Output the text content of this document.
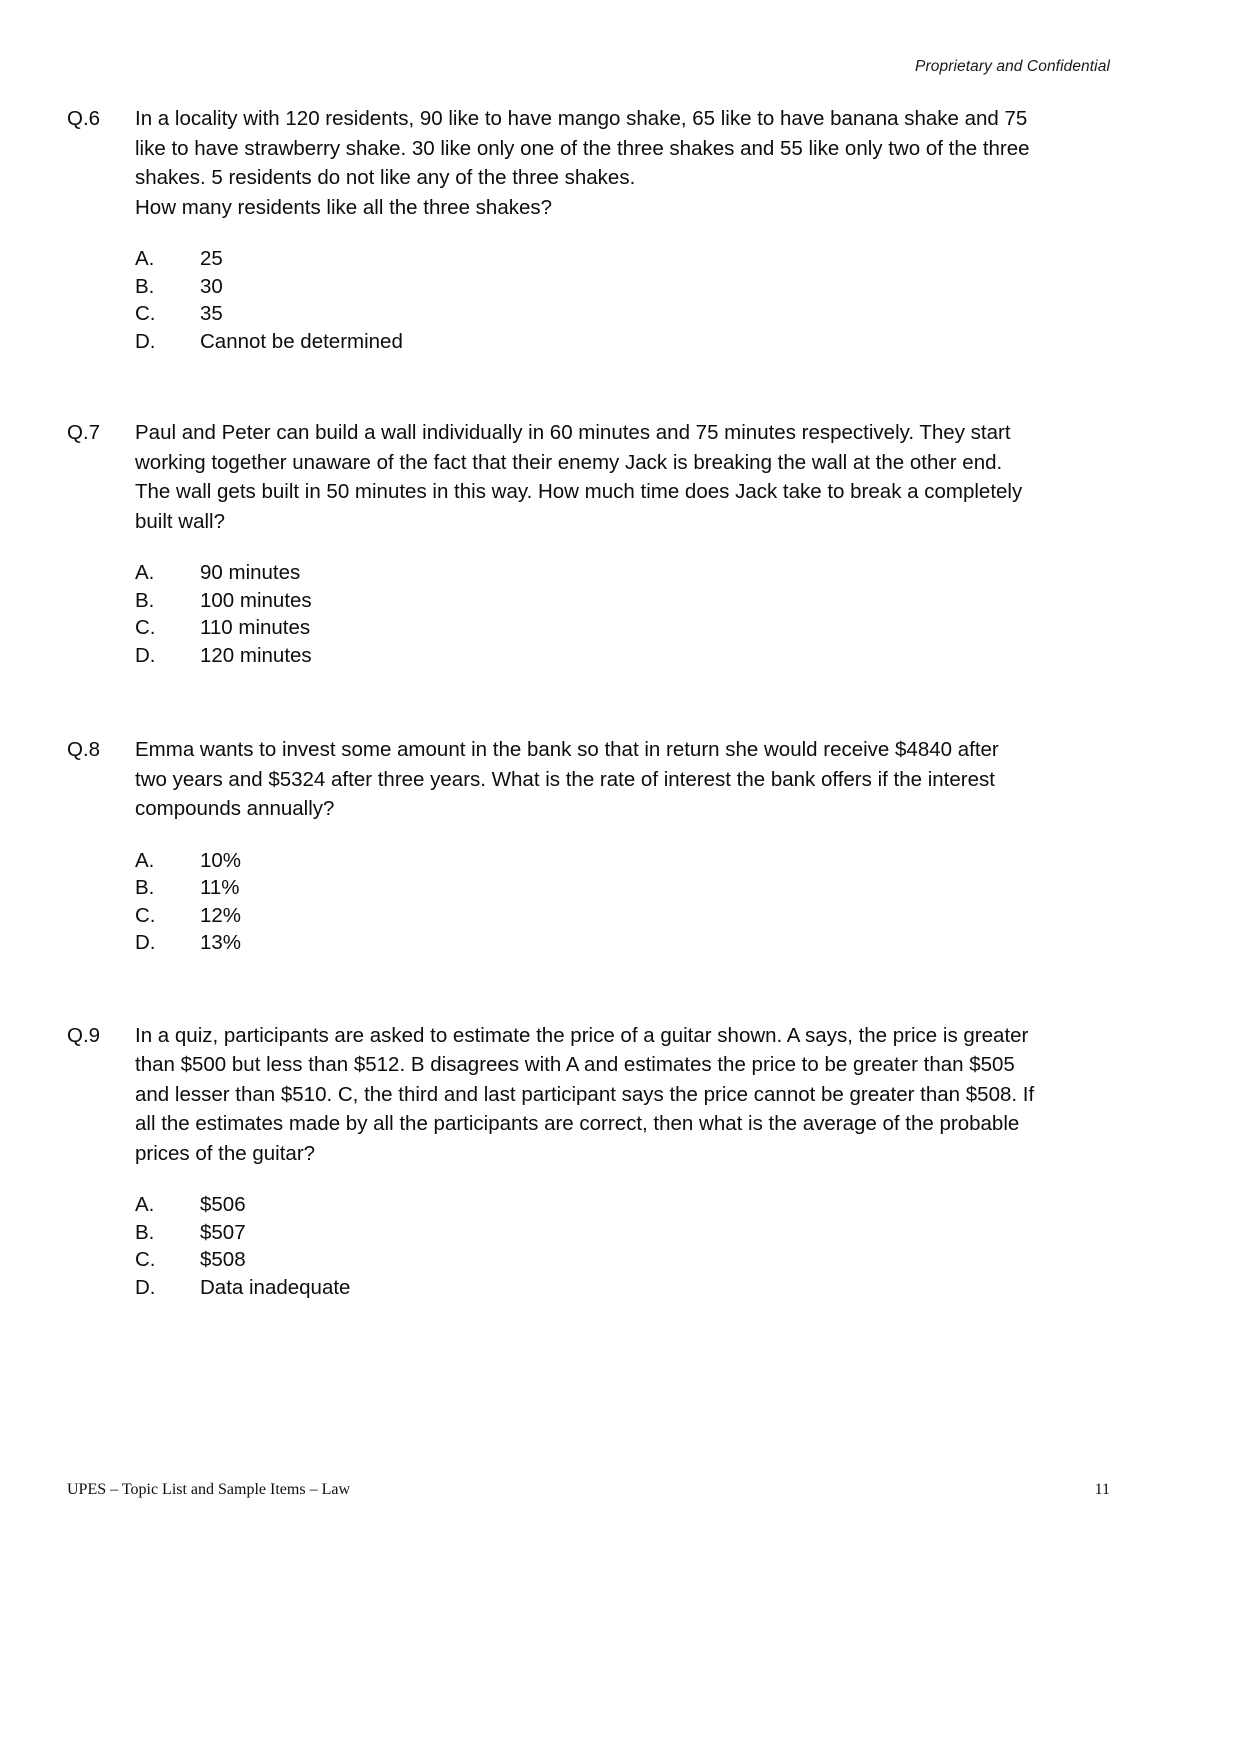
Proprietary and Confidential
Q.6	In a locality with 120 residents, 90 like to have mango shake, 65 like to have banana shake and 75
like to have strawberry shake. 30 like only one of the three shakes and 55 like only two of the three
shakes. 5 residents do not like any of the three shakes.
How many residents like all the three shakes?
A.	25
B.	30
C.	35
D.	Cannot be determined
Q.7	Paul and Peter can build a wall individually in 60 minutes and 75 minutes respectively. They start
working together unaware of the fact that their enemy Jack is breaking the wall at the other end.
The wall gets built in 50 minutes in this way. How much time does Jack take to break a completely
built wall?
A.	90 minutes
B.	100 minutes
C.	110 minutes
D.	120 minutes
Q.8	Emma wants to invest some amount in the bank so that in return she would receive $4840 after
two years and $5324 after three years. What is the rate of interest the bank offers if the interest
compounds annually?
A.	10%
B.	11%
C.	12%
D.	13%
Q.9	In a quiz, participants are asked to estimate the price of a guitar shown. A says, the price is greater
than $500 but less than $512. B disagrees with A and estimates the price to be greater than $505
and lesser than $510. C, the third and last participant says the price cannot be greater than $508. If
all the estimates made by all the participants are correct, then what is the average of the probable
prices of the guitar?
A.	$506
B.	$507
C.	$508
D.	Data inadequate
UPES – Topic List and Sample Items – Law	11
